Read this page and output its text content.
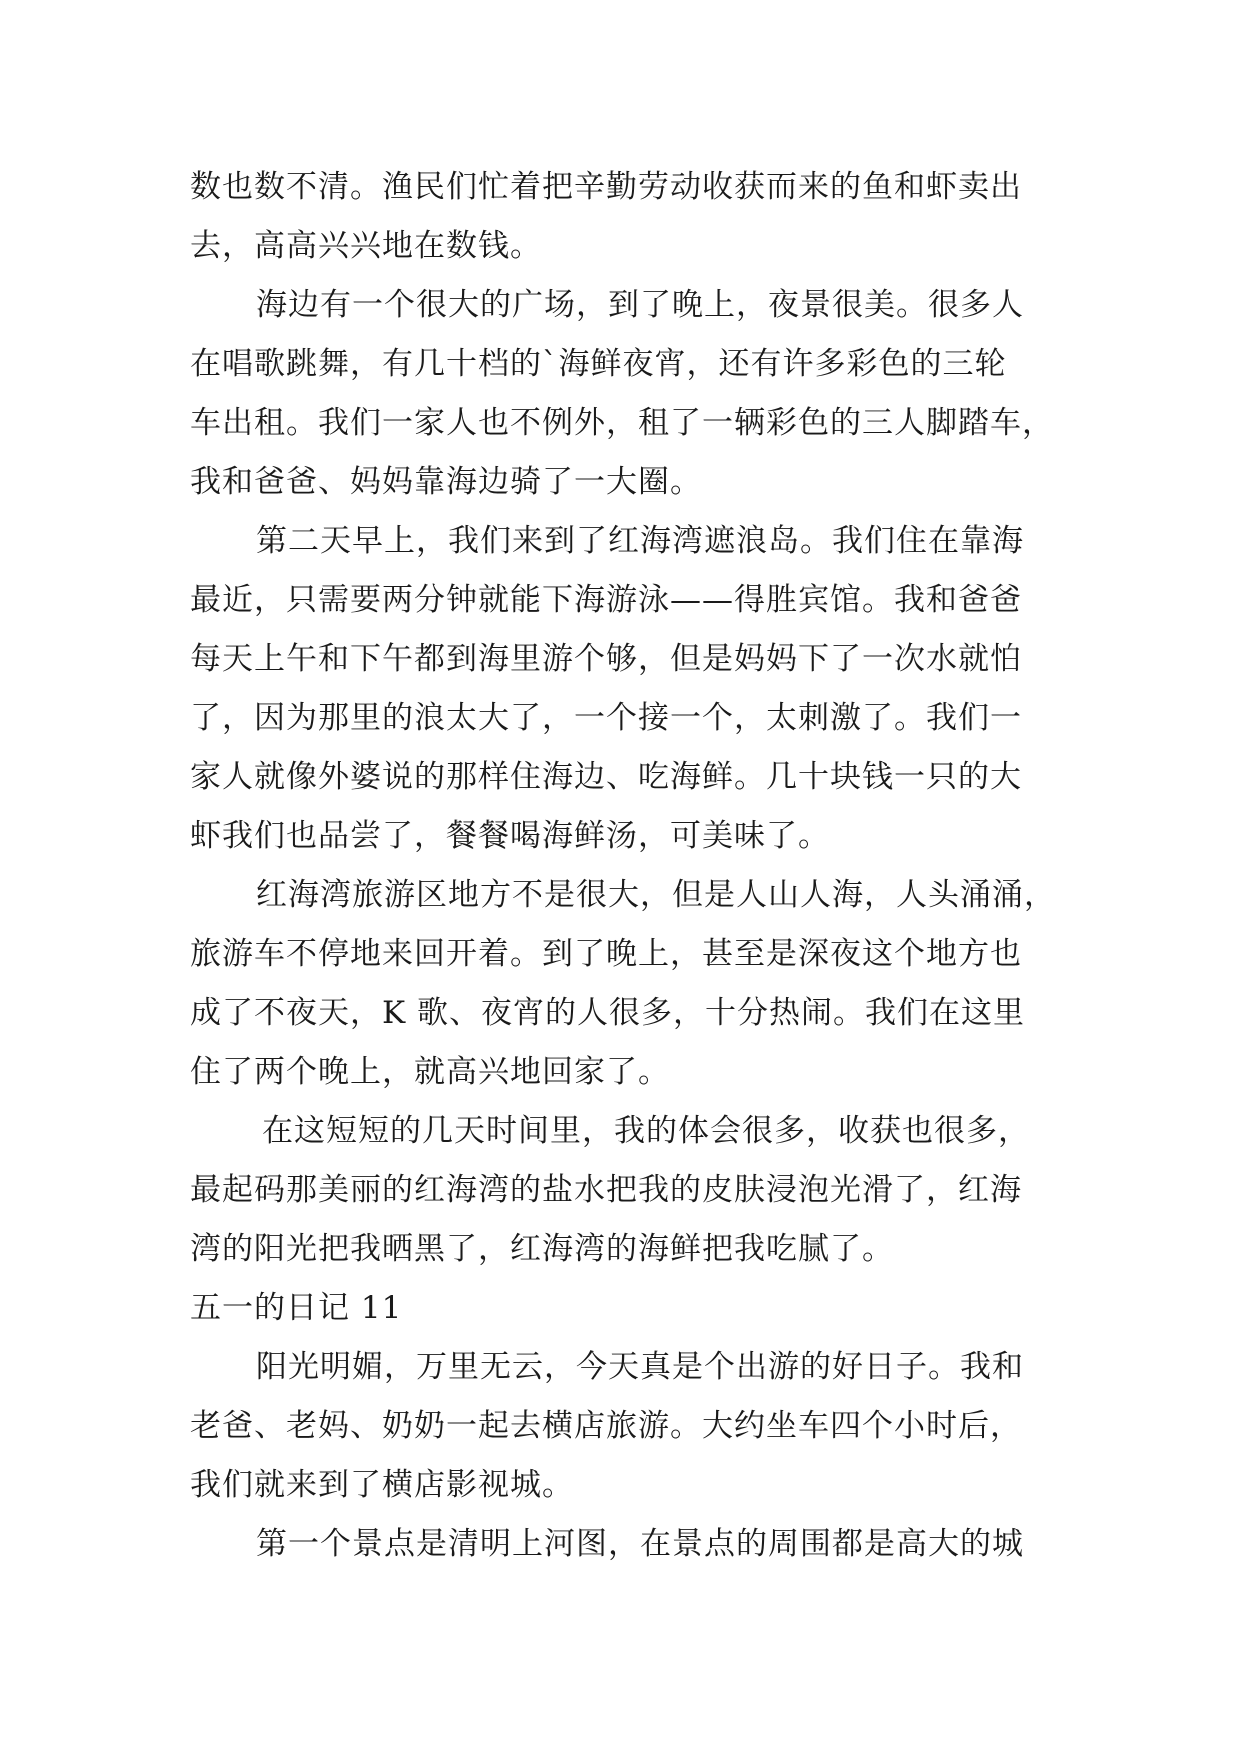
数也数不清。渔民们忙着把辛勤劳动收获而来的鱼和虾卖出
去，高高兴兴地在数钱。
海边有一个很大的广场，到了晚上，夜景很美。很多人
在唱歌跳舞，有几十档的`海鲜夜宵，还有许多彩色的三轮
车出租。我们一家人也不例外，租了一辆彩色的三人脚踏车，
我和爸爸、妈妈靠海边骑了一大圈。
第二天早上，我们来到了红海湾遮浪岛。我们住在靠海
最近，只需要两分钟就能下海游泳——得胜宾馆。我和爸爸
每天上午和下午都到海里游个够，但是妈妈下了一次水就怕
了，因为那里的浪太大了，一个接一个，太刺激了。我们一
家人就像外婆说的那样住海边、吃海鲜。几十块钱一只的大
虾我们也品尝了，餐餐喝海鲜汤，可美味了。
红海湾旅游区地方不是很大，但是人山人海，人头涌涌，
旅游车不停地来回开着。到了晚上，甚至是深夜这个地方也
成了不夜天，K 歌、夜宵的人很多，十分热闹。我们在这里
住了两个晚上，就高兴地回家了。
在这短短的几天时间里，我的体会很多，收获也很多，
最起码那美丽的红海湾的盐水把我的皮肤浸泡光滑了，红海
湾的阳光把我晒黑了，红海湾的海鲜把我吃腻了。
五一的日记 11
阳光明媚，万里无云，今天真是个出游的好日子。我和
老爸、老妈、奶奶一起去横店旅游。大约坐车四个小时后，
我们就来到了横店影视城。
第一个景点是清明上河图，在景点的周围都是高大的城
